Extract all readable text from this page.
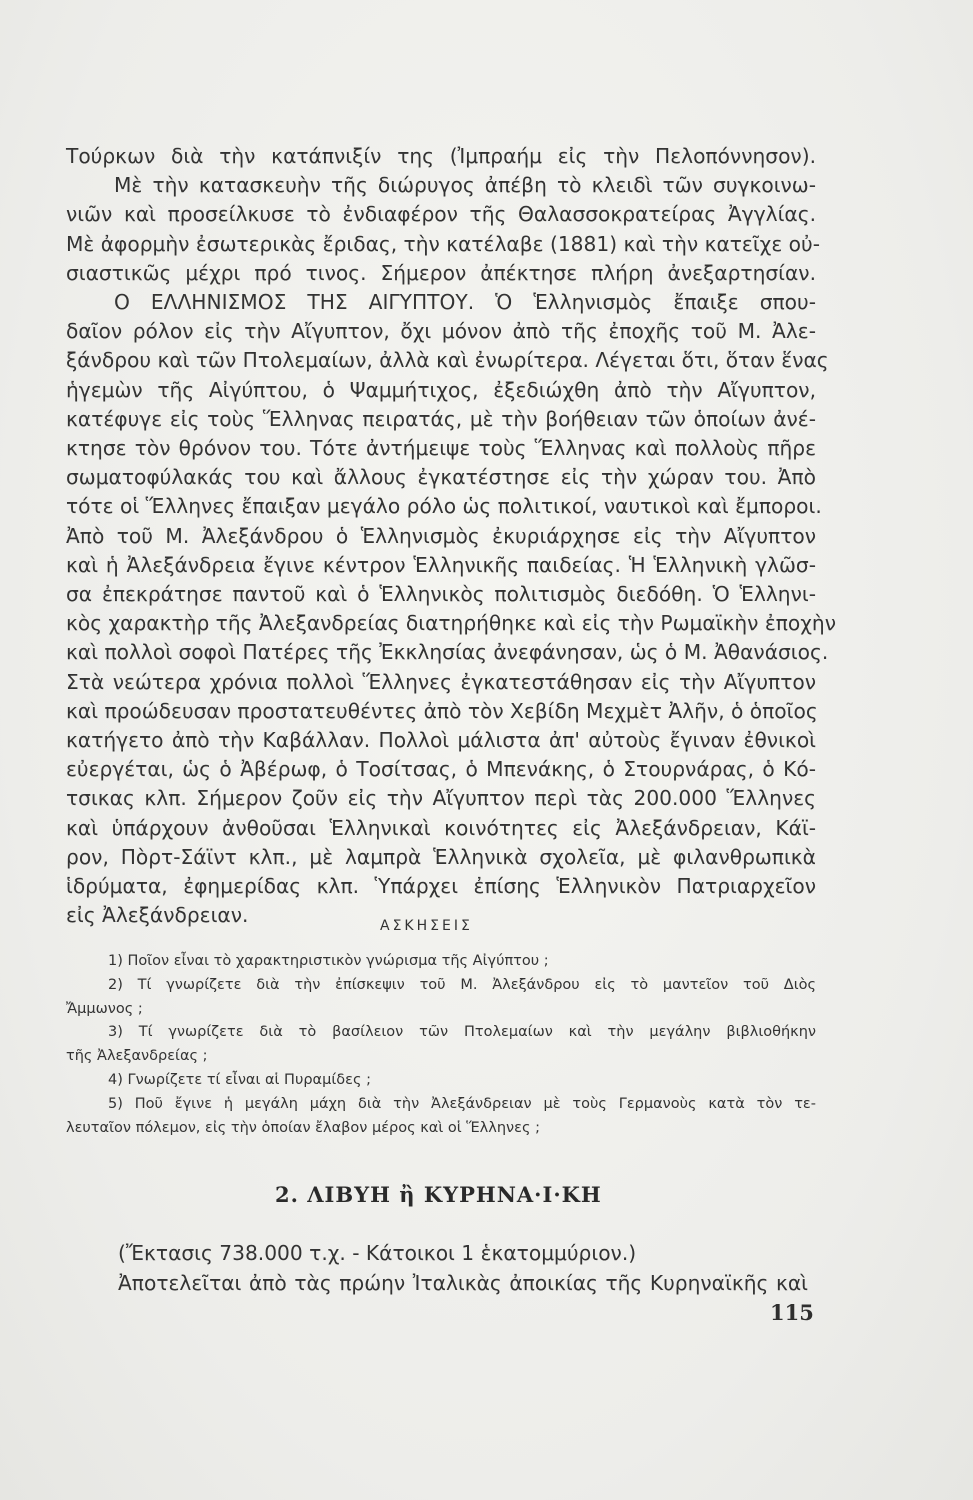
Τούρκων διὰ τὴν κατάπνιξίν της (Ἰμπραήμ εἰς τὴν Πελοπόννησον).
Μὲ τὴν κατασκευὴν τῆς διώρυγος ἀπέβη τὸ κλειδὶ τῶν συγκοινω-
νιῶν καὶ προσείλκυσε τὸ ἐνδιαφέρον τῆς Θαλασσοκρατείρας Ἀγγλίας.
Μὲ ἀφορμὴν ἐσωτερικὰς ἔριδας, τὴν κατέλαβε (1881) καὶ τὴν κατεῖχε οὐ-
σιαστικῶς μέχρι πρό τινος. Σήμερον ἀπέκτησε πλήρη ἀνεξαρτησίαν.
Ο ΕΛΛΗΝΙΣΜΟΣ ΤΗΣ ΑΙΓΥΠΤΟΥ. Ὁ Ἑλληνισμὸς ἔπαιξε σπου-
δαῖον ρόλον εἰς τὴν Αἴγυπτον, ὄχι μόνον ἀπὸ τῆς ἐποχῆς τοῦ Μ. Ἀλε-
ξάνδρου καὶ τῶν Πτολεμαίων, ἀλλὰ καὶ ἐνωρίτερα. Λέγεται ὅτι, ὅταν ἕνας
ἡγεμὼν τῆς Αἰγύπτου, ὁ Ψαμμήτιχος, ἐξεδιώχθη ἀπὸ τὴν Αἴγυπτον,
κατέφυγε εἰς τοὺς Ἕλληνας πειρατάς, μὲ τὴν βοήθειαν τῶν ὁποίων ἀνέ-
κτησε τὸν θρόνον του. Τότε ἀντήμειψε τοὺς Ἕλληνας καὶ πολλοὺς πῆρε
σωματοφύλακάς του καὶ ἄλλους ἐγκατέστησε εἰς τὴν χώραν του. Ἀπὸ
τότε οἱ Ἕλληνες ἔπαιξαν μεγάλο ρόλο ὡς πολιτικοί, ναυτικοὶ καὶ ἔμποροι.
Ἀπὸ τοῦ Μ. Ἀλεξάνδρου ὁ Ἑλληνισμὸς ἐκυριάρχησε εἰς τὴν Αἴγυπτον
καὶ ἡ Ἀλεξάνδρεια ἔγινε κέντρον Ἑλληνικῆς παιδείας. Ἡ Ἑλληνικὴ γλῶσ-
σα ἐπεκράτησε παντοῦ καὶ ὁ Ἑλληνικὸς πολιτισμὸς διεδόθη. Ὁ Ἑλληνι-
κὸς χαρακτὴρ τῆς Ἀλεξανδρείας διατηρήθηκε καὶ εἰς τὴν Ρωμαϊκὴν ἐποχὴν
καὶ πολλοὶ σοφοὶ Πατέρες τῆς Ἐκκλησίας ἀνεφάνησαν, ὡς ὁ Μ. Ἀθανάσιος.
Στὰ νεώτερα χρόνια πολλοὶ Ἕλληνες ἐγκατεστάθησαν εἰς τὴν Αἴγυπτον
καὶ προώδευσαν προστατευθέντες ἀπὸ τὸν Χεβίδη Μεχμὲτ Ἀλῆν, ὁ ὁποῖος
κατήγετο ἀπὸ τὴν Καβάλλαν. Πολλοὶ μάλιστα ἀπ' αὐτοὺς ἔγιναν ἐθνικοὶ
εὐεργέται, ὡς ὁ Ἀβέρωφ, ὁ Τοσίτσας, ὁ Μπενάκης, ὁ Στουρνάρας, ὁ Κό-
τσικας κλπ. Σήμερον ζοῦν εἰς τὴν Αἴγυπτον περὶ τὰς 200.000 Ἕλληνες
καὶ ὑπάρχουν ἀνθοῦσαι Ἑλληνικαὶ κοινότητες εἰς Ἀλεξάνδρειαν, Κάϊ-
ρον, Πὸρτ-Σάϊντ κλπ., μὲ λαμπρὰ Ἑλληνικὰ σχολεῖα, μὲ φιλανθρωπικὰ
ἱδρύματα, ἐφημερίδας κλπ. Ὑπάρχει ἐπίσης Ἑλληνικὸν Πατριαρχεῖον
εἰς Ἀλεξάνδρειαν.	ΑΣΚΗΣΕΙΣ
1) Ποῖον εἶναι τὸ χαρακτηριστικὸν γνώρισμα τῆς Αἰγύπτου ;
2) Τί γνωρίζετε διὰ τὴν ἐπίσκεψιν τοῦ Μ. Ἀλεξάνδρου εἰς τὸ μαντεῖον τοῦ Διὸς
Ἄμμωνος ;
3) Τί γνωρίζετε διὰ τὸ βασίλειον τῶν Πτολεμαίων καὶ τὴν μεγάλην βιβλιοθήκην
τῆς Ἀλεξανδρείας ;
4) Γνωρίζετε τί εἶναι αἱ Πυραμίδες ;
5) Ποῦ ἔγινε ἡ μεγάλη μάχη διὰ τὴν Ἀλεξάνδρειαν μὲ τοὺς Γερμανοὺς κατὰ τὸν τε-
λευταῖον πόλεμον, εἰς τὴν ὁποίαν ἔλαβον μέρος καὶ οἱ Ἕλληνες ;
2. ΛΙΒΥΗ ἢ ΚΥΡΗΝΑ·Ι·ΚΗ
(Ἔκτασις 738.000 τ.χ. - Κάτοικοι 1 ἑκατομμύριον.)
Ἀποτελεῖται ἀπὸ τὰς πρώην Ἰταλικὰς ἀποικίας τῆς Κυρηναϊκῆς καὶ
115
